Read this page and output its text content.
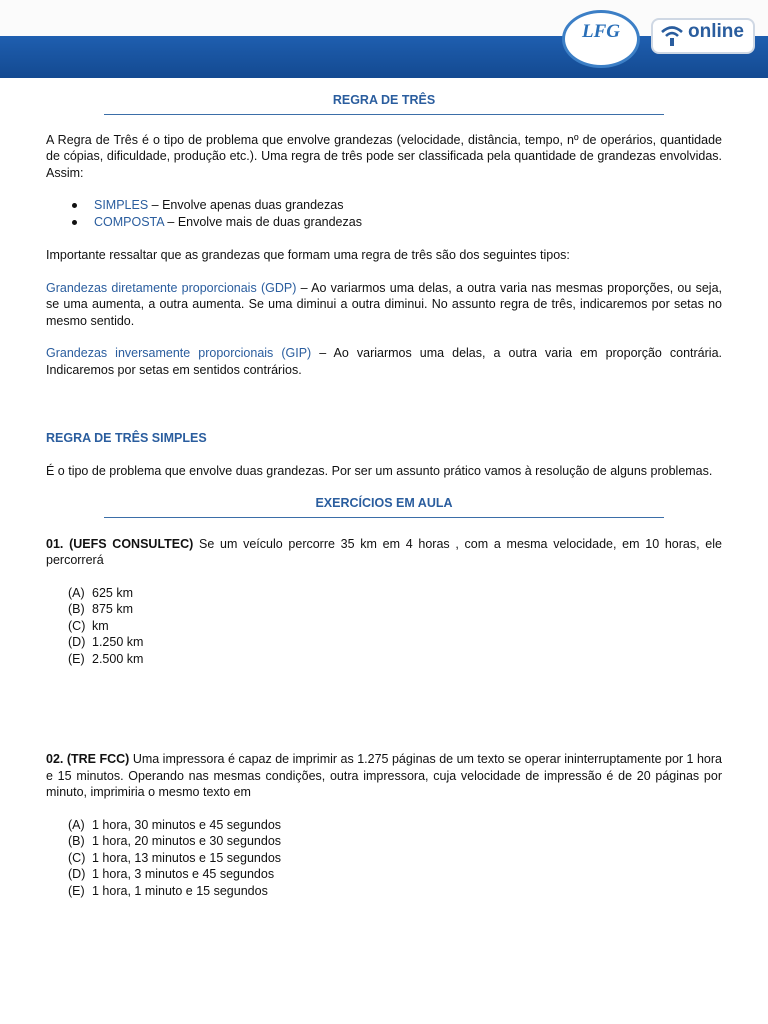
LFG	online
REGRA DE TRÊS

A Regra de Três é o tipo de problema que envolve grandezas (velocidade, distância, tempo, nº de operários, quantidade de cópias, dificuldade, produção etc.). Uma regra de três pode ser classificada pela quantidade de grandezas envolvidas. Assim:

SIMPLES – Envolve apenas duas grandezas
COMPOSTA – Envolve mais de duas grandezas

Importante ressaltar que as grandezas que formam uma regra de três são dos seguintes tipos:

Grandezas diretamente proporcionais (GDP) – Ao variarmos uma delas, a outra varia nas mesmas proporções, ou seja, se uma aumenta, a outra aumenta. Se uma diminui a outra diminui. No assunto regra de três, indicaremos por setas no mesmo sentido.

Grandezas inversamente proporcionais (GIP) – Ao variarmos uma delas, a outra varia em proporção contrária. Indicaremos por setas em sentidos contrários.

REGRA DE TRÊS SIMPLES

É o tipo de problema que envolve duas grandezas. Por ser um assunto prático vamos à resolução de alguns problemas.

EXERCÍCIOS EM AULA

01. (UEFS CONSULTEC) Se um veículo percorre 35 km em 4 horas , com a mesma velocidade, em 10 horas, ele percorrerá

(A) 625 km
(B) 875 km
(C) km
(D) 1.250 km
(E) 2.500 km

02. (TRE FCC) Uma impressora é capaz de imprimir as 1.275 páginas de um texto se operar ininterruptamente por 1 hora e 15 minutos. Operando nas mesmas condições, outra impressora, cuja velocidade de impressão é de 20 páginas por minuto, imprimiria o mesmo texto em

(A) 1 hora, 30 minutos e 45 segundos
(B) 1 hora, 20 minutos e 30 segundos
(C) 1 hora, 13 minutos e 15 segundos
(D) 1 hora, 3 minutos e 45 segundos
(E) 1 hora, 1 minuto e 15 segundos
